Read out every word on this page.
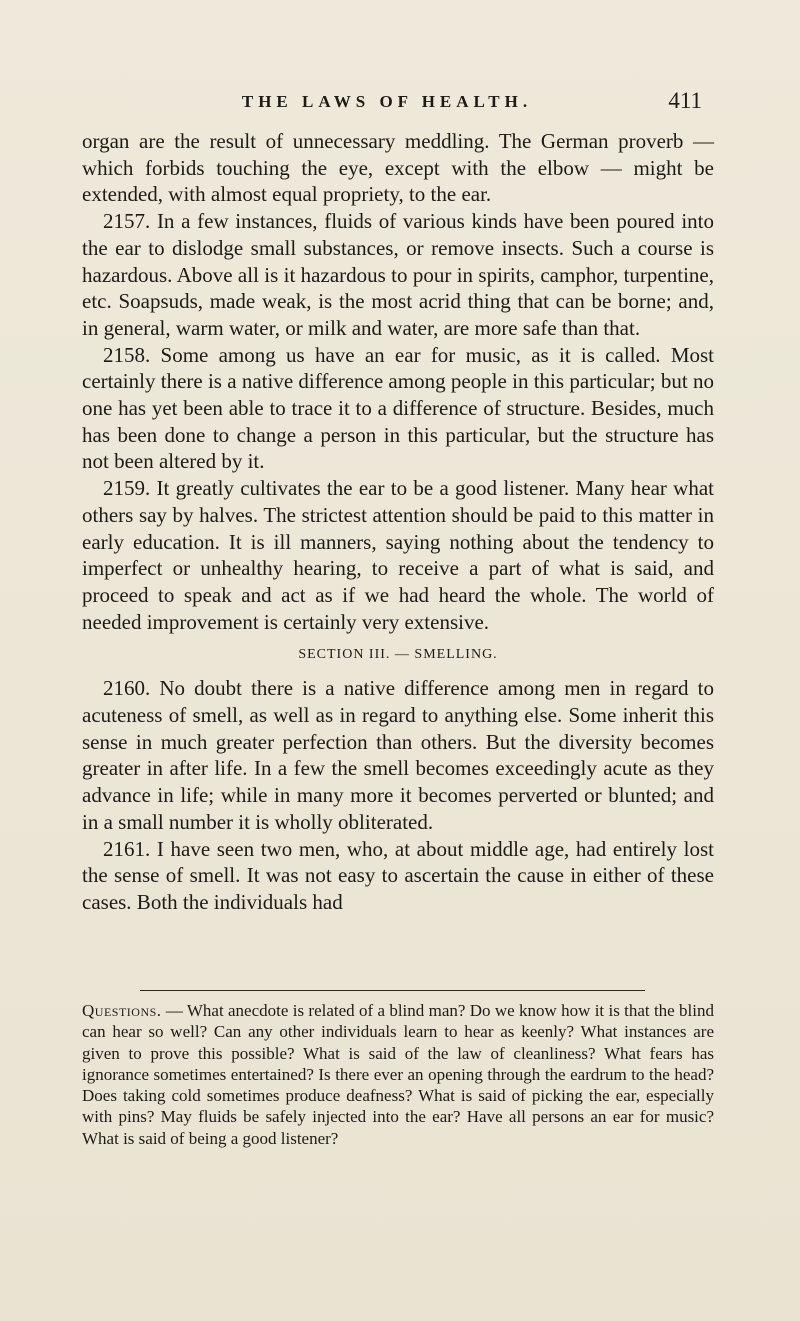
THE LAWS OF HEALTH.	411

organ are the result of unnecessary meddling. The German proverb — which forbids touching the eye, except with the elbow — might be extended, with almost equal propriety, to the ear.

2157. In a few instances, fluids of various kinds have been poured into the ear to dislodge small substances, or remove insects. Such a course is hazardous. Above all is it hazardous to pour in spirits, camphor, turpentine, etc. Soapsuds, made weak, is the most acrid thing that can be borne; and, in general, warm water, or milk and water, are more safe than that.

2158. Some among us have an ear for music, as it is called. Most certainly there is a native difference among people in this particular; but no one has yet been able to trace it to a difference of structure. Besides, much has been done to change a person in this particular, but the structure has not been altered by it.

2159. It greatly cultivates the ear to be a good listener. Many hear what others say by halves. The strictest attention should be paid to this matter in early education. It is ill manners, saying nothing about the tendency to imperfect or unhealthy hearing, to receive a part of what is said, and proceed to speak and act as if we had heard the whole. The world of needed improvement is certainly very extensive.

SECTION III. — SMELLING.

2160. No doubt there is a native difference among men in regard to acuteness of smell, as well as in regard to anything else. Some inherit this sense in much greater perfection than others. But the diversity becomes greater in after life. In a few the smell becomes exceedingly acute as they advance in life; while in many more it becomes perverted or blunted; and in a small number it is wholly obliterated.

2161. I have seen two men, who, at about middle age, had entirely lost the sense of smell. It was not easy to ascertain the cause in either of these cases. Both the individuals had

Questions. — What anecdote is related of a blind man? Do we know how it is that the blind can hear so well? Can any other individuals learn to hear as keenly? What instances are given to prove this possible? What is said of the law of cleanliness? What fears has ignorance sometimes entertained? Is there ever an opening through the eardrum to the head? Does taking cold sometimes produce deafness? What is said of picking the ear, especially with pins? May fluids be safely injected into the ear? Have all persons an ear for music? What is said of being a good listener?
